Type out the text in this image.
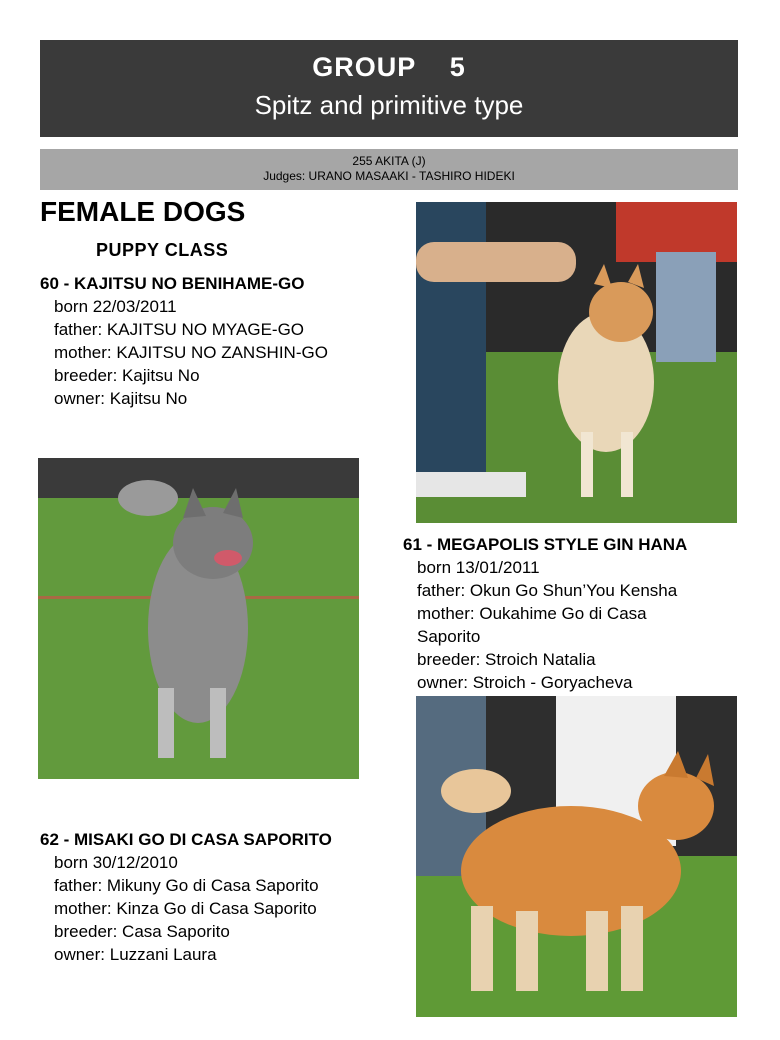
GROUP    5
Spitz and primitive type
255 AKITA (J)
Judges: URANO MASAAKI - TASHIRO HIDEKI
FEMALE DOGS
PUPPY CLASS
60 - KAJITSU NO BENIHAME-GO
born 22/03/2011
father: KAJITSU NO MYAGE-GO
mother: KAJITSU NO ZANSHIN-GO
breeder: Kajitsu No
owner: Kajitsu No
61 - MEGAPOLIS STYLE GIN HANA
born 13/01/2011
father: Okun Go Shun’You Kensha
mother: Oukahime Go di Casa
Saporito
breeder: Stroich Natalia
owner: Stroich - Goryacheva
62 - MISAKI GO DI CASA SAPORITO
born 30/12/2010
father: Mikuny Go di Casa Saporito
mother: Kinza Go di Casa Saporito
breeder: Casa Saporito
owner: Luzzani Laura
